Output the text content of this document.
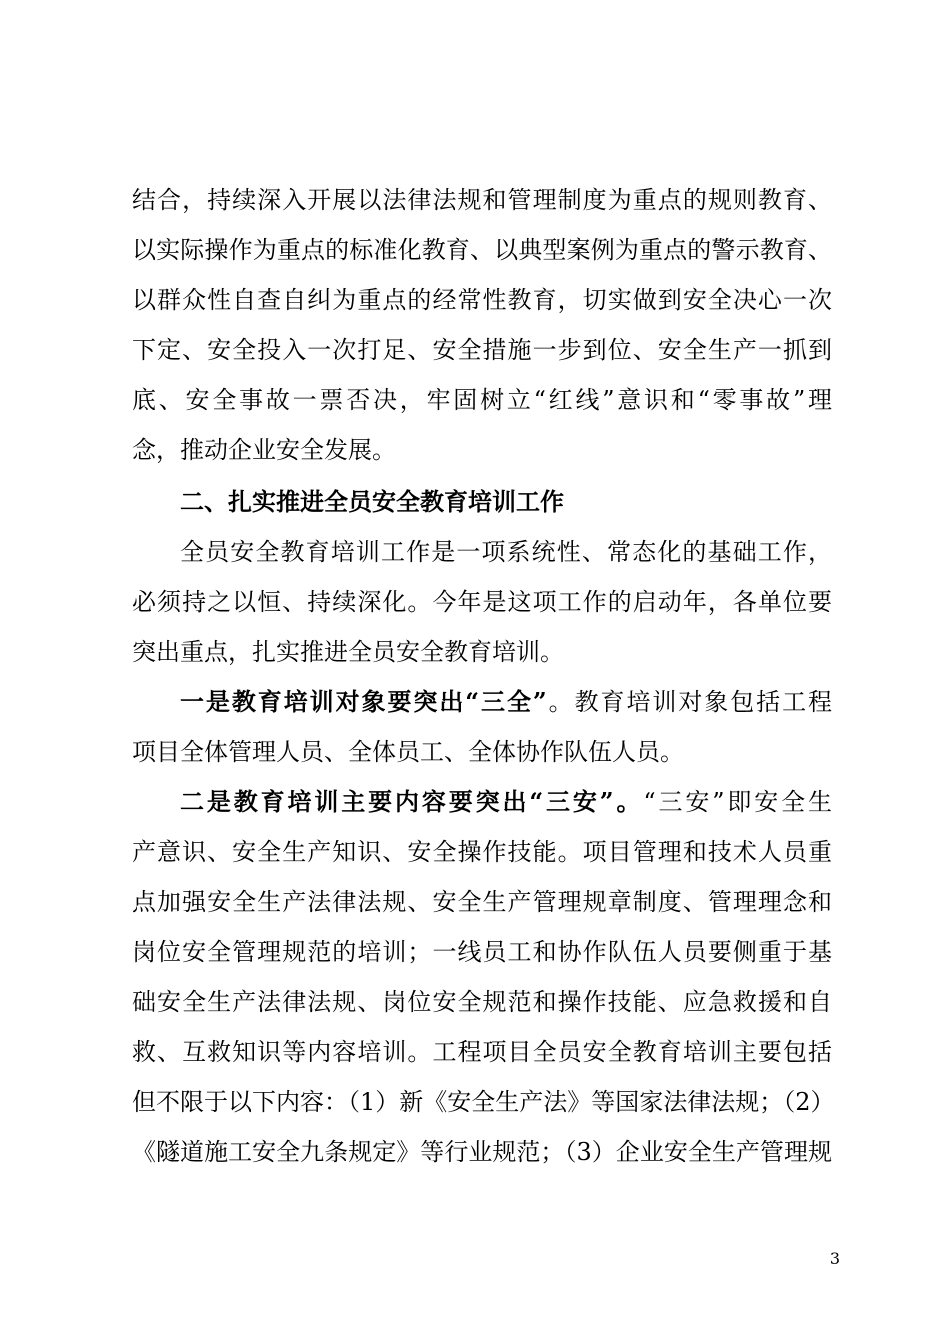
结合，持续深入开展以法律法规和管理制度为重点的规则教育、
以实际操作为重点的标准化教育、以典型案例为重点的警示教育、
以群众性自查自纠为重点的经常性教育，切实做到安全决心一次
下定、安全投入一次打足、安全措施一步到位、安全生产一抓到
底、安全事故一票否决，牢固树立“红线”意识和“零事故”理
念，推动企业安全发展。
二、扎实推进全员安全教育培训工作
全员安全教育培训工作是一项系统性、常态化的基础工作，
必须持之以恒、持续深化。今年是这项工作的启动年，各单位要
突出重点，扎实推进全员安全教育培训。
一是教育培训对象要突出“三全”。教育培训对象包括工程
项目全体管理人员、全体员工、全体协作队伍人员。
二是教育培训主要内容要突出“三安”。“三安”即安全生
产意识、安全生产知识、安全操作技能。项目管理和技术人员重
点加强安全生产法律法规、安全生产管理规章制度、管理理念和
岗位安全管理规范的培训；一线员工和协作队伍人员要侧重于基
础安全生产法律法规、岗位安全规范和操作技能、应急救援和自
救、互救知识等内容培训。工程项目全员安全教育培训主要包括
但不限于以下内容：（1）新《安全生产法》等国家法律法规；（2）
《隧道施工安全九条规定》等行业规范；（3）企业安全生产管理规
3
